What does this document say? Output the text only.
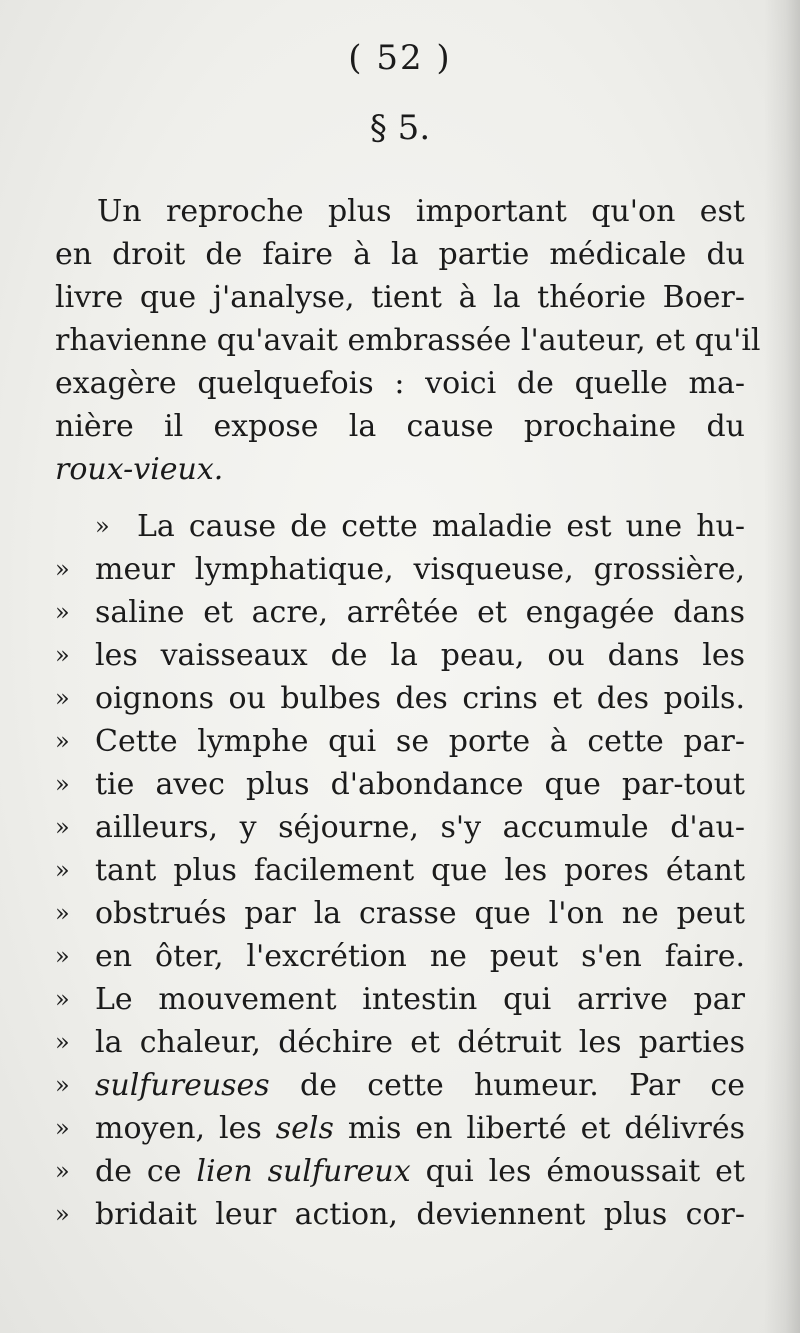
( 52 )
§ 5.
Un reproche plus important qu'on est
en droit de faire à la partie médicale du
livre que j'analyse, tient à la théorie Boer-
rhavienne qu'avait embrassée l'auteur, et qu'il
exagère quelquefois : voici de quelle ma-
nière il expose la cause prochaine du
roux-vieux.
» La cause de cette maladie est une hu-
» meur lymphatique, visqueuse, grossière,
» saline et acre, arrêtée et engagée dans
» les vaisseaux de la peau, ou dans les
» oignons ou bulbes des crins et des poils.
» Cette lymphe qui se porte à cette par-
» tie avec plus d'abondance que par-tout
» ailleurs, y séjourne, s'y accumule d'au-
» tant plus facilement que les pores étant
» obstrués par la crasse que l'on ne peut
» en ôter, l'excrétion ne peut s'en faire.
» Le mouvement intestin qui arrive par
» la chaleur, déchire et détruit les parties
» sulfureuses de cette humeur. Par ce
» moyen, les sels mis en liberté et délivrés
» de ce lien sulfureux qui les émoussait et
» bridait leur action, deviennent plus cor-
